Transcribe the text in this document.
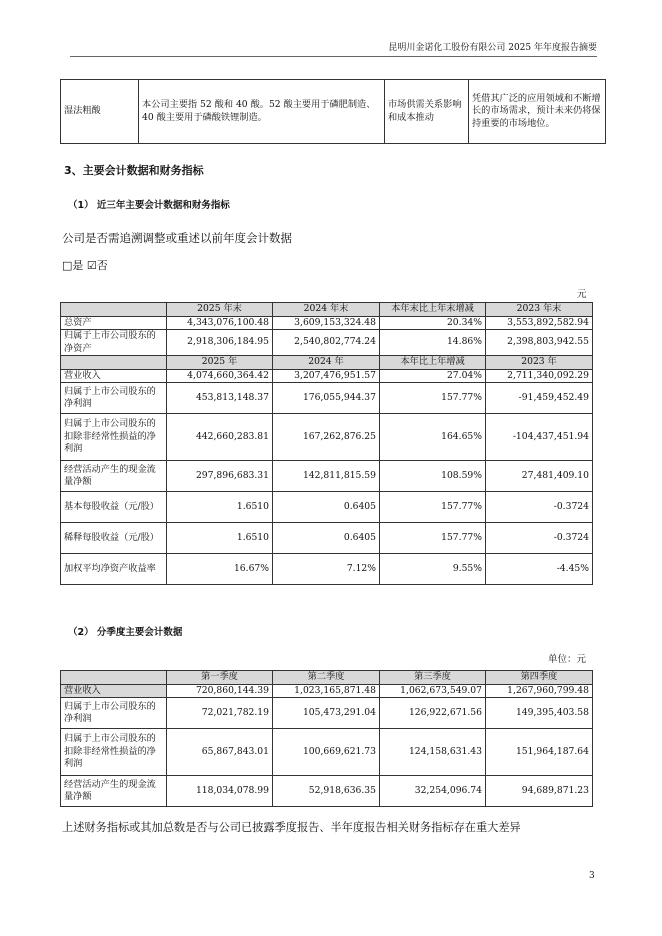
昆明川金诺化工股份有限公司 2025 年年度报告摘要
湿法粗酸	本公司主要指 52 酸和 40 酸。52 酸主要用于磷肥制造、40 酸主要用于磷酸铁锂制造。	市场供需关系影响和成本推动	凭借其广泛的应用领域和不断增长的市场需求，预计未来仍将保持重要的市场地位。
3、主要会计数据和财务指标
（1） 近三年主要会计数据和财务指标
公司是否需追溯调整或重述以前年度会计数据
□是 ☑否
元
	2025 年末	2024 年末	本年末比上年末增减	2023 年末
总资产	4,343,076,100.48	3,609,153,324.48	20.34%	3,553,892,582.94
归属于上市公司股东的净资产	2,918,306,184.95	2,540,802,774.24	14.86%	2,398,803,942.55
	2025 年	2024 年	本年比上年增减	2023 年
营业收入	4,074,660,364.42	3,207,476,951.57	27.04%	2,711,340,092.29
归属于上市公司股东的净利润	453,813,148.37	176,055,944.37	157.77%	-91,459,452.49
归属于上市公司股东的扣除非经常性损益的净利润	442,660,283.81	167,262,876.25	164.65%	-104,437,451.94
经营活动产生的现金流量净额	297,896,683.31	142,811,815.59	108.59%	27,481,409.10
基本每股收益（元/股）	1.6510	0.6405	157.77%	-0.3724
稀释每股收益（元/股）	1.6510	0.6405	157.77%	-0.3724
加权平均净资产收益率	16.67%	7.12%	9.55%	-4.45%
（2） 分季度主要会计数据
单位：元
	第一季度	第二季度	第三季度	第四季度
营业收入	720,860,144.39	1,023,165,871.48	1,062,673,549.07	1,267,960,799.48
归属于上市公司股东的净利润	72,021,782.19	105,473,291.04	126,922,671.56	149,395,403.58
归属于上市公司股东的扣除非经常性损益的净利润	65,867,843.01	100,669,621.73	124,158,631.43	151,964,187.64
经营活动产生的现金流量净额	118,034,078.99	52,918,636.35	32,254,096.74	94,689,871.23
上述财务指标或其加总数是否与公司已披露季度报告、半年度报告相关财务指标存在重大差异
3
